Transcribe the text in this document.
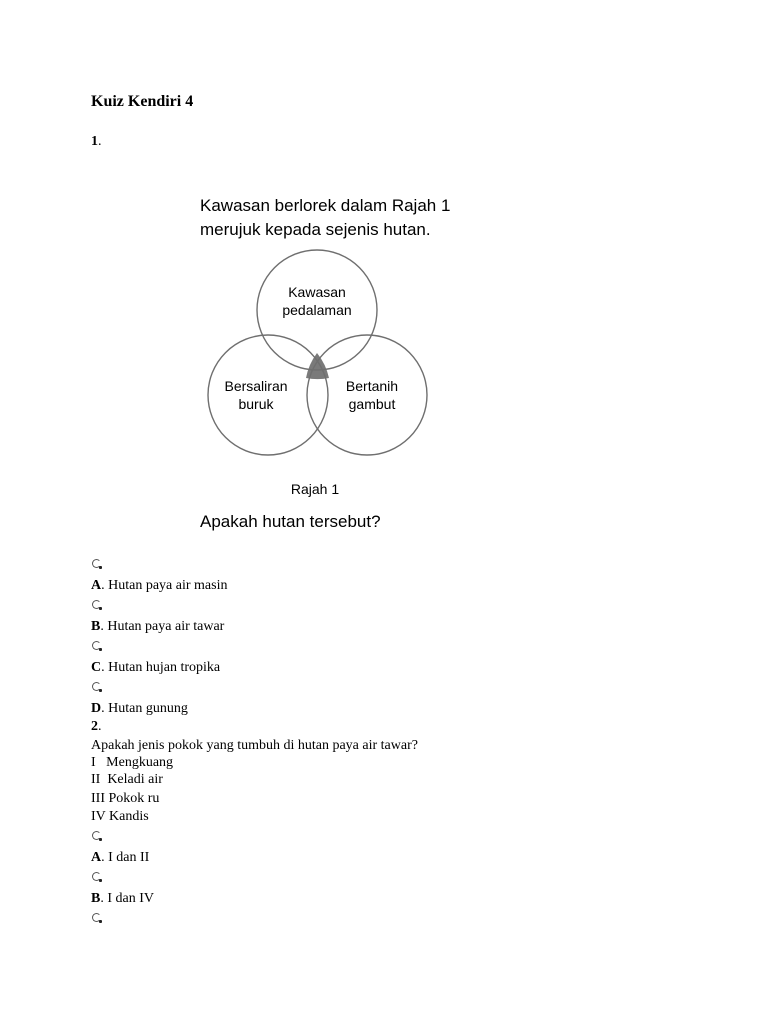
Kuiz Kendiri 4
1.
Kawasan berlorek dalam Rajah 1
merujuk kepada sejenis hutan.
Kawasan
pedalaman
Bersaliran
buruk
Bertanih
gambut
Rajah 1
Apakah hutan tersebut?
A. Hutan paya air masin
B. Hutan paya air tawar
C. Hutan hujan tropika
D. Hutan gunung
2.
Apakah jenis pokok yang tumbuh di hutan paya air tawar?
I   Mengkuang
II  Keladi air
III Pokok ru
IV Kandis
A. I dan II
B. I dan IV
